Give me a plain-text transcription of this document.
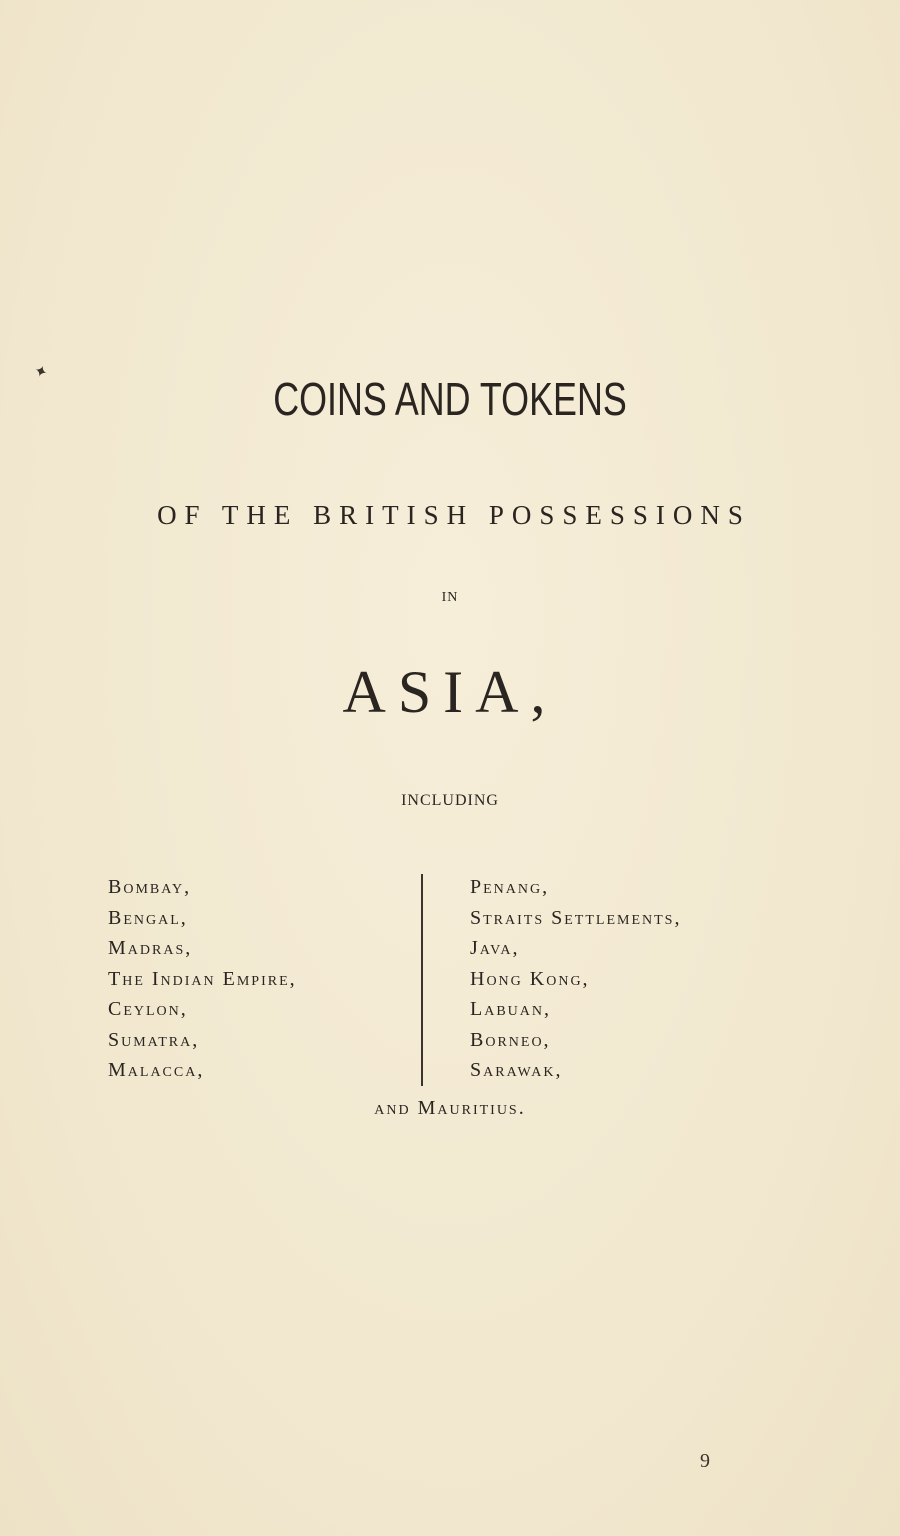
✦
COINS AND TOKENS
OF THE BRITISH POSSESSIONS
IN
ASIA,
INCLUDING
Bombay,
Bengal,
Madras,
The Indian Empire,
Ceylon,
Sumatra,
Malacca,
Penang,
Straits Settlements,
Java,
Hong Kong,
Labuan,
Borneo,
Sarawak,
and Mauritius.
9
